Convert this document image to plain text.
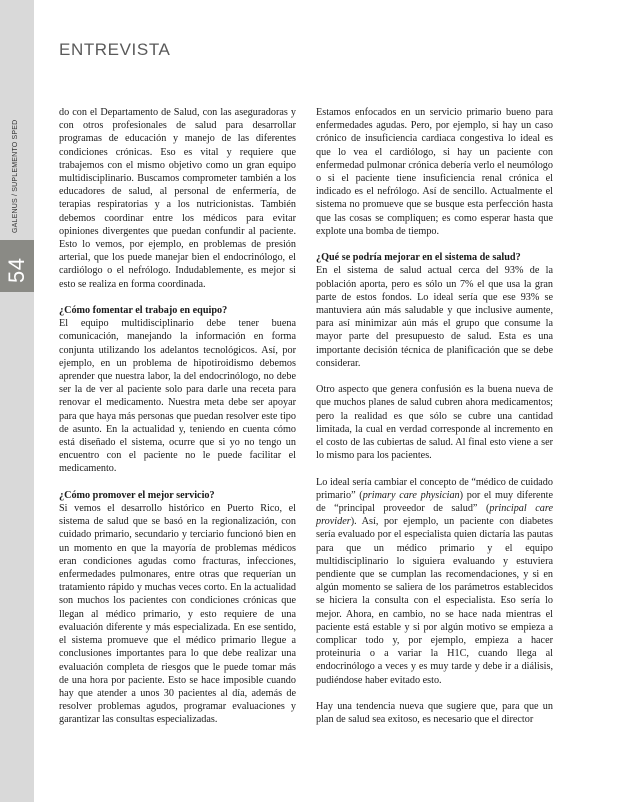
54
GALENUS / SUPLEMENTO SPED
ENTREVISTA

do con el Departamento de Salud, con las aseguradoras y con otros profesionales de salud para desarrollar programas de educación y manejo de las diferentes condiciones crónicas. Eso es vital y requiere que trabajemos con el mismo objetivo como un gran equipo multidisciplinario. Buscamos comprometer también a los educadores de salud, al personal de enfermería, de terapias respiratorias y a los nutricionistas. También debemos coordinar entre los médicos para evitar opiniones divergentes que puedan confundir al paciente. Esto lo vemos, por ejemplo, en problemas de presión arterial, que los puede manejar bien el endocrinólogo, el cardiólogo o el nefrólogo. Indudablemente, es mejor si esto se realiza en forma coordinada.

¿Cómo fomentar el trabajo en equipo?

El equipo multidisciplinario debe tener buena comunicación, manejando la información en forma conjunta utilizando los adelantos tecnológicos. Así, por ejemplo, en un problema de hipotiroidismo debemos aprender que nuestra labor, la del endocrinólogo, no debe ser la de ver al paciente solo para darle una receta para renovar el medicamento. Nuestra meta debe ser apoyar para que haya más personas que puedan resolver este tipo de asunto. En la actualidad y, teniendo en cuenta cómo está diseñado el sistema, ocurre que si yo no tengo un encuentro con el paciente no le puede facilitar el medicamento.

¿Cómo promover el mejor servicio?

Si vemos el desarrollo histórico en Puerto Rico, el sistema de salud que se basó en la regionalización, con cuidado primario, secundario y terciario funcionó bien en un momento en que la mayoría de problemas médicos eran condiciones agudas como fracturas, infecciones, enfermedades pulmonares, entre otras que requerían un tratamiento rápido y muchas veces corto. En la actualidad son muchos los pacientes con condiciones crónicas que llegan al médico primario, y esto requiere de una evaluación diferente y más especializada. En ese sentido, el sistema promueve que el médico primario llegue a conclusiones importantes para lo que debe realizar una evaluación completa de riesgos que le puede tomar más de una hora por paciente. Esto se hace imposible cuando hay que atender a unos 30 pacientes al día, además de resolver problemas agudos, programar evaluaciones y garantizar las consultas especializadas.

Estamos enfocados en un servicio primario bueno para enfermedades agudas. Pero, por ejemplo, si hay un caso crónico de insuficiencia cardiaca congestiva lo ideal es que lo vea el cardiólogo, si hay un paciente con enfermedad pulmonar crónica debería verlo el neumólogo o si el paciente tiene insuficiencia renal crónica el indicado es el nefrólogo. Así de sencillo. Actualmente el sistema no promueve que se busque esta perfección hasta que las cosas se compliquen; es como esperar hasta que explote una bomba de tiempo.

¿Qué se podría mejorar en el sistema de salud?

En el sistema de salud actual cerca del 93% de la población aporta, pero es sólo un 7% el que usa la gran parte de estos fondos. Lo ideal sería que ese 93% se mantuviera aún más saludable y que inclusive aumente, para así minimizar aún más el grupo que consume la mayor parte del presupuesto de salud. Esta es una importante decisión técnica de planificación que se debe considerar.

Otro aspecto que genera confusión es la buena nueva de que muchos planes de salud cubren ahora medicamentos; pero la realidad es que sólo se cubre una cantidad limitada, la cual en verdad corresponde al incremento en el costo de las cubiertas de salud. Al final esto viene a ser lo mismo para los pacientes.

Lo ideal sería cambiar el concepto de “médico de cuidado primario” (primary care physician) por el muy diferente de “principal proveedor de salud” (principal care provider). Así, por ejemplo, un paciente con diabetes sería evaluado por el especialista quien dictaría las pautas para que un médico primario y el equipo multidisciplinario lo siguiera evaluando y estuviera pendiente que se cumplan las recomendaciones, y si en algún momento se saliera de los parámetros establecidos se hiciera la consulta con el especialista. Eso sería lo mejor. Ahora, en cambio, no se hace nada mientras el paciente está estable y si por algún motivo se empieza a complicar todo y, por ejemplo, empieza a hacer proteinuria o a variar la H1C, cuando llega al endocrinólogo a veces y es muy tarde y debe ir a diálisis, pudiéndose haber evitado esto.

Hay una tendencia nueva que sugiere que, para que un plan de salud sea exitoso, es necesario que el director
